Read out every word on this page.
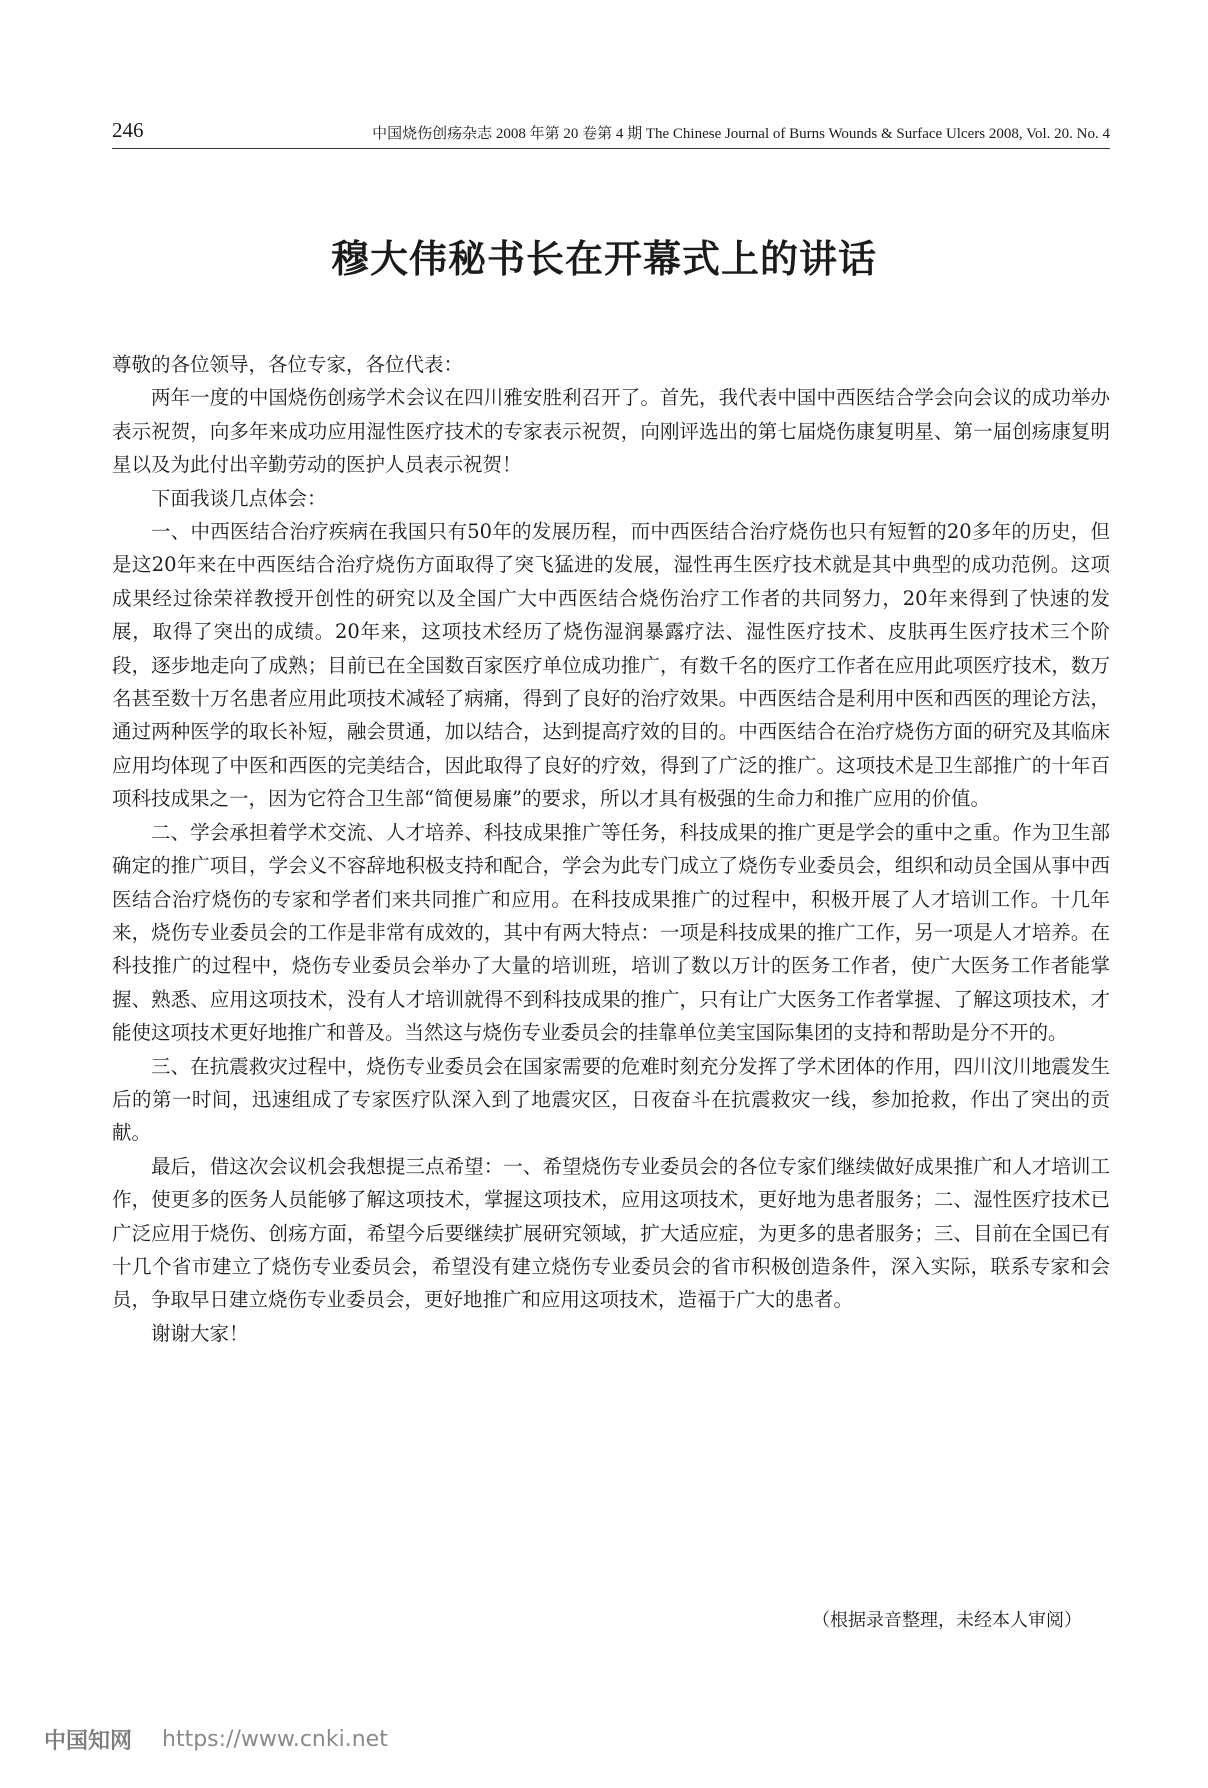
246	中国烧伤创疡杂志 2008 年第 20 卷第 4 期 The Chinese Journal of Burns Wounds & Surface Ulcers 2008, Vol. 20. No. 4
穆大伟秘书长在开幕式上的讲话

尊敬的各位领导，各位专家，各位代表：

两年一度的中国烧伤创疡学术会议在四川雅安胜利召开了。首先，我代表中国中西医结合学会向会议的成功举办表示祝贺，向多年来成功应用湿性医疗技术的专家表示祝贺，向刚评选出的第七届烧伤康复明星、第一届创疡康复明星以及为此付出辛勤劳动的医护人员表示祝贺！

下面我谈几点体会：

一、中西医结合治疗疾病在我国只有50年的发展历程，而中西医结合治疗烧伤也只有短暂的20多年的历史，但是这20年来在中西医结合治疗烧伤方面取得了突飞猛进的发展，湿性再生医疗技术就是其中典型的成功范例。这项成果经过徐荣祥教授开创性的研究以及全国广大中西医结合烧伤治疗工作者的共同努力，20年来得到了快速的发展，取得了突出的成绩。20年来，这项技术经历了烧伤湿润暴露疗法、湿性医疗技术、皮肤再生医疗技术三个阶段，逐步地走向了成熟；目前已在全国数百家医疗单位成功推广，有数千名的医疗工作者在应用此项医疗技术，数万名甚至数十万名患者应用此项技术减轻了病痛，得到了良好的治疗效果。中西医结合是利用中医和西医的理论方法，通过两种医学的取长补短，融会贯通，加以结合，达到提高疗效的目的。中西医结合在治疗烧伤方面的研究及其临床应用均体现了中医和西医的完美结合，因此取得了良好的疗效，得到了广泛的推广。这项技术是卫生部推广的十年百项科技成果之一，因为它符合卫生部“简便易廉”的要求，所以才具有极强的生命力和推广应用的价值。

二、学会承担着学术交流、人才培养、科技成果推广等任务，科技成果的推广更是学会的重中之重。作为卫生部确定的推广项目，学会义不容辞地积极支持和配合，学会为此专门成立了烧伤专业委员会，组织和动员全国从事中西医结合治疗烧伤的专家和学者们来共同推广和应用。在科技成果推广的过程中，积极开展了人才培训工作。十几年来，烧伤专业委员会的工作是非常有成效的，其中有两大特点：一项是科技成果的推广工作，另一项是人才培养。在科技推广的过程中，烧伤专业委员会举办了大量的培训班，培训了数以万计的医务工作者，使广大医务工作者能掌握、熟悉、应用这项技术，没有人才培训就得不到科技成果的推广，只有让广大医务工作者掌握、了解这项技术，才能使这项技术更好地推广和普及。当然这与烧伤专业委员会的挂靠单位美宝国际集团的支持和帮助是分不开的。

三、在抗震救灾过程中，烧伤专业委员会在国家需要的危难时刻充分发挥了学术团体的作用，四川汶川地震发生后的第一时间，迅速组成了专家医疗队深入到了地震灾区，日夜奋斗在抗震救灾一线，参加抢救，作出了突出的贡献。

最后，借这次会议机会我想提三点希望：一、希望烧伤专业委员会的各位专家们继续做好成果推广和人才培训工作，使更多的医务人员能够了解这项技术，掌握这项技术，应用这项技术，更好地为患者服务；二、湿性医疗技术已广泛应用于烧伤、创疡方面，希望今后要继续扩展研究领域，扩大适应症，为更多的患者服务；三、目前在全国已有十几个省市建立了烧伤专业委员会，希望没有建立烧伤专业委员会的省市积极创造条件，深入实际，联系专家和会员，争取早日建立烧伤专业委员会，更好地推广和应用这项技术，造福于广大的患者。

谢谢大家！

（根据录音整理，未经本人审阅）
中国知网 https://www.cnki.net
